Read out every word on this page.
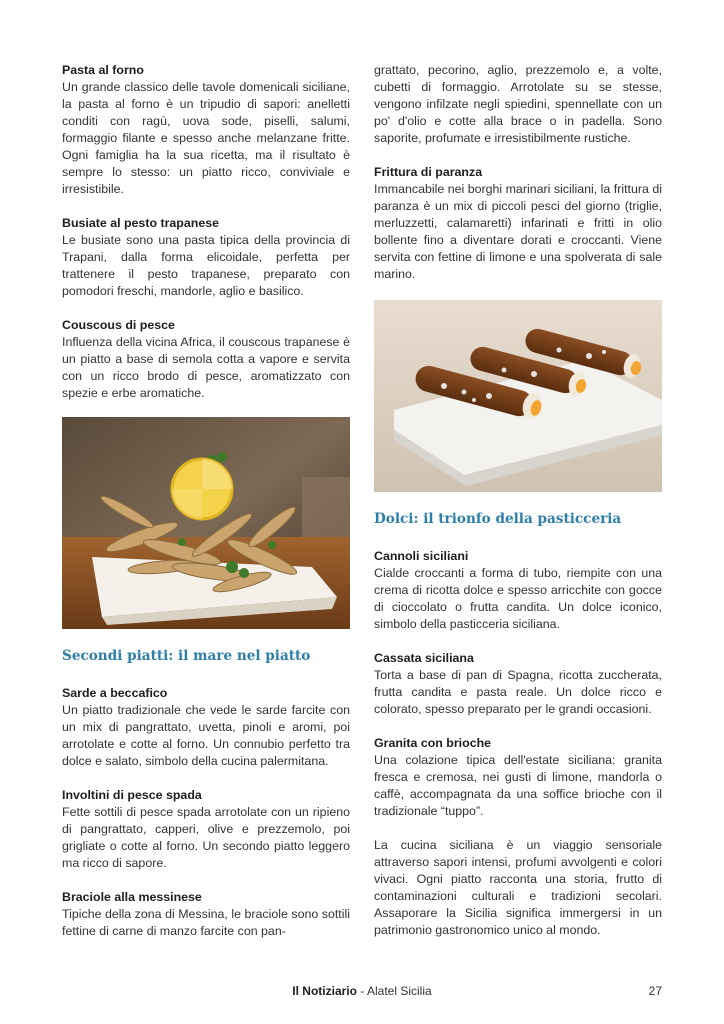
Pasta al forno

Un grande classico delle tavole domenicali siciliane, la pasta al forno è un tripudio di sapori: anelletti conditi con ragù, uova sode, piselli, salumi, formaggio filante e spesso anche melanzane fritte. Ogni famiglia ha la sua ricetta, ma il risultato è sempre lo stesso: un piatto ricco, conviviale e irresistibile.

Busiate al pesto trapanese

Le busiate sono una pasta tipica della provincia di Trapani, dalla forma elicoidale, perfetta per trattenere il pesto trapanese, preparato con pomodori freschi, mandorle, aglio e basilico.

Couscous di pesce

Influenza della vicina Africa, il couscous trapanese è un piatto a base di semola cotta a vapore e servita con un ricco brodo di pesce, aromatizzato con spezie e erbe aromatiche.

Secondi piatti: il mare nel piatto
Sarde a beccafico

Un piatto tradizionale che vede le sarde farcite con un mix di pangrattato, uvetta, pinoli e aromi, poi arrotolate e cotte al forno. Un connubio perfetto tra dolce e salato, simbolo della cucina palermitana.

Involtini di pesce spada

Fette sottili di pesce spada arrotolate con un ripieno di pangrattato, capperi, olive e prezzemolo, poi grigliate o cotte al forno. Un secondo piatto leggero ma ricco di sapore.

Braciole alla messinese

Tipiche della zona di Messina, le braciole sono sottili fettine di carne di manzo farcite con pan-

grattato, pecorino, aglio, prezzemolo e, a volte, cubetti di formaggio. Arrotolate su se stesse, vengono infilzate negli spiedini, spennellate con un po' d'olio e cotte alla brace o in padella. Sono saporite, profumate e irresistibilmente rustiche.

Frittura di paranza

Immancabile nei borghi marinari siciliani, la frittura di paranza è un mix di piccoli pesci del giorno (triglie, merluzzetti, calamaretti) infarinati e fritti in olio bollente fino a diventare dorati e croccanti. Viene servita con fettine di limone e una spolverata di sale marino.

Dolci: il trionfo della pasticceria
Cannoli siciliani

Cialde croccanti a forma di tubo, riempite con una crema di ricotta dolce e spesso arricchite con gocce di cioccolato o frutta candita. Un dolce iconico, simbolo della pasticceria siciliana.

Cassata siciliana

Torta a base di pan di Spagna, ricotta zuccherata, frutta candita e pasta reale. Un dolce ricco e colorato, spesso preparato per le grandi occasioni.

Granita con brioche

Una colazione tipica dell'estate siciliana: granita fresca e cremosa, nei gusti di limone, mandorla o caffè, accompagnata da una soffice brioche con il tradizionale “tuppo”.

La cucina siciliana è un viaggio sensoriale attraverso sapori intensi, profumi avvolgenti e colori vivaci. Ogni piatto racconta una storia, frutto di contaminazioni culturali e tradizioni secolari. Assaporare la Sicilia significa immergersi in un patrimonio gastronomico unico al mondo.

Il Notiziario - Alatel Sicilia	27
